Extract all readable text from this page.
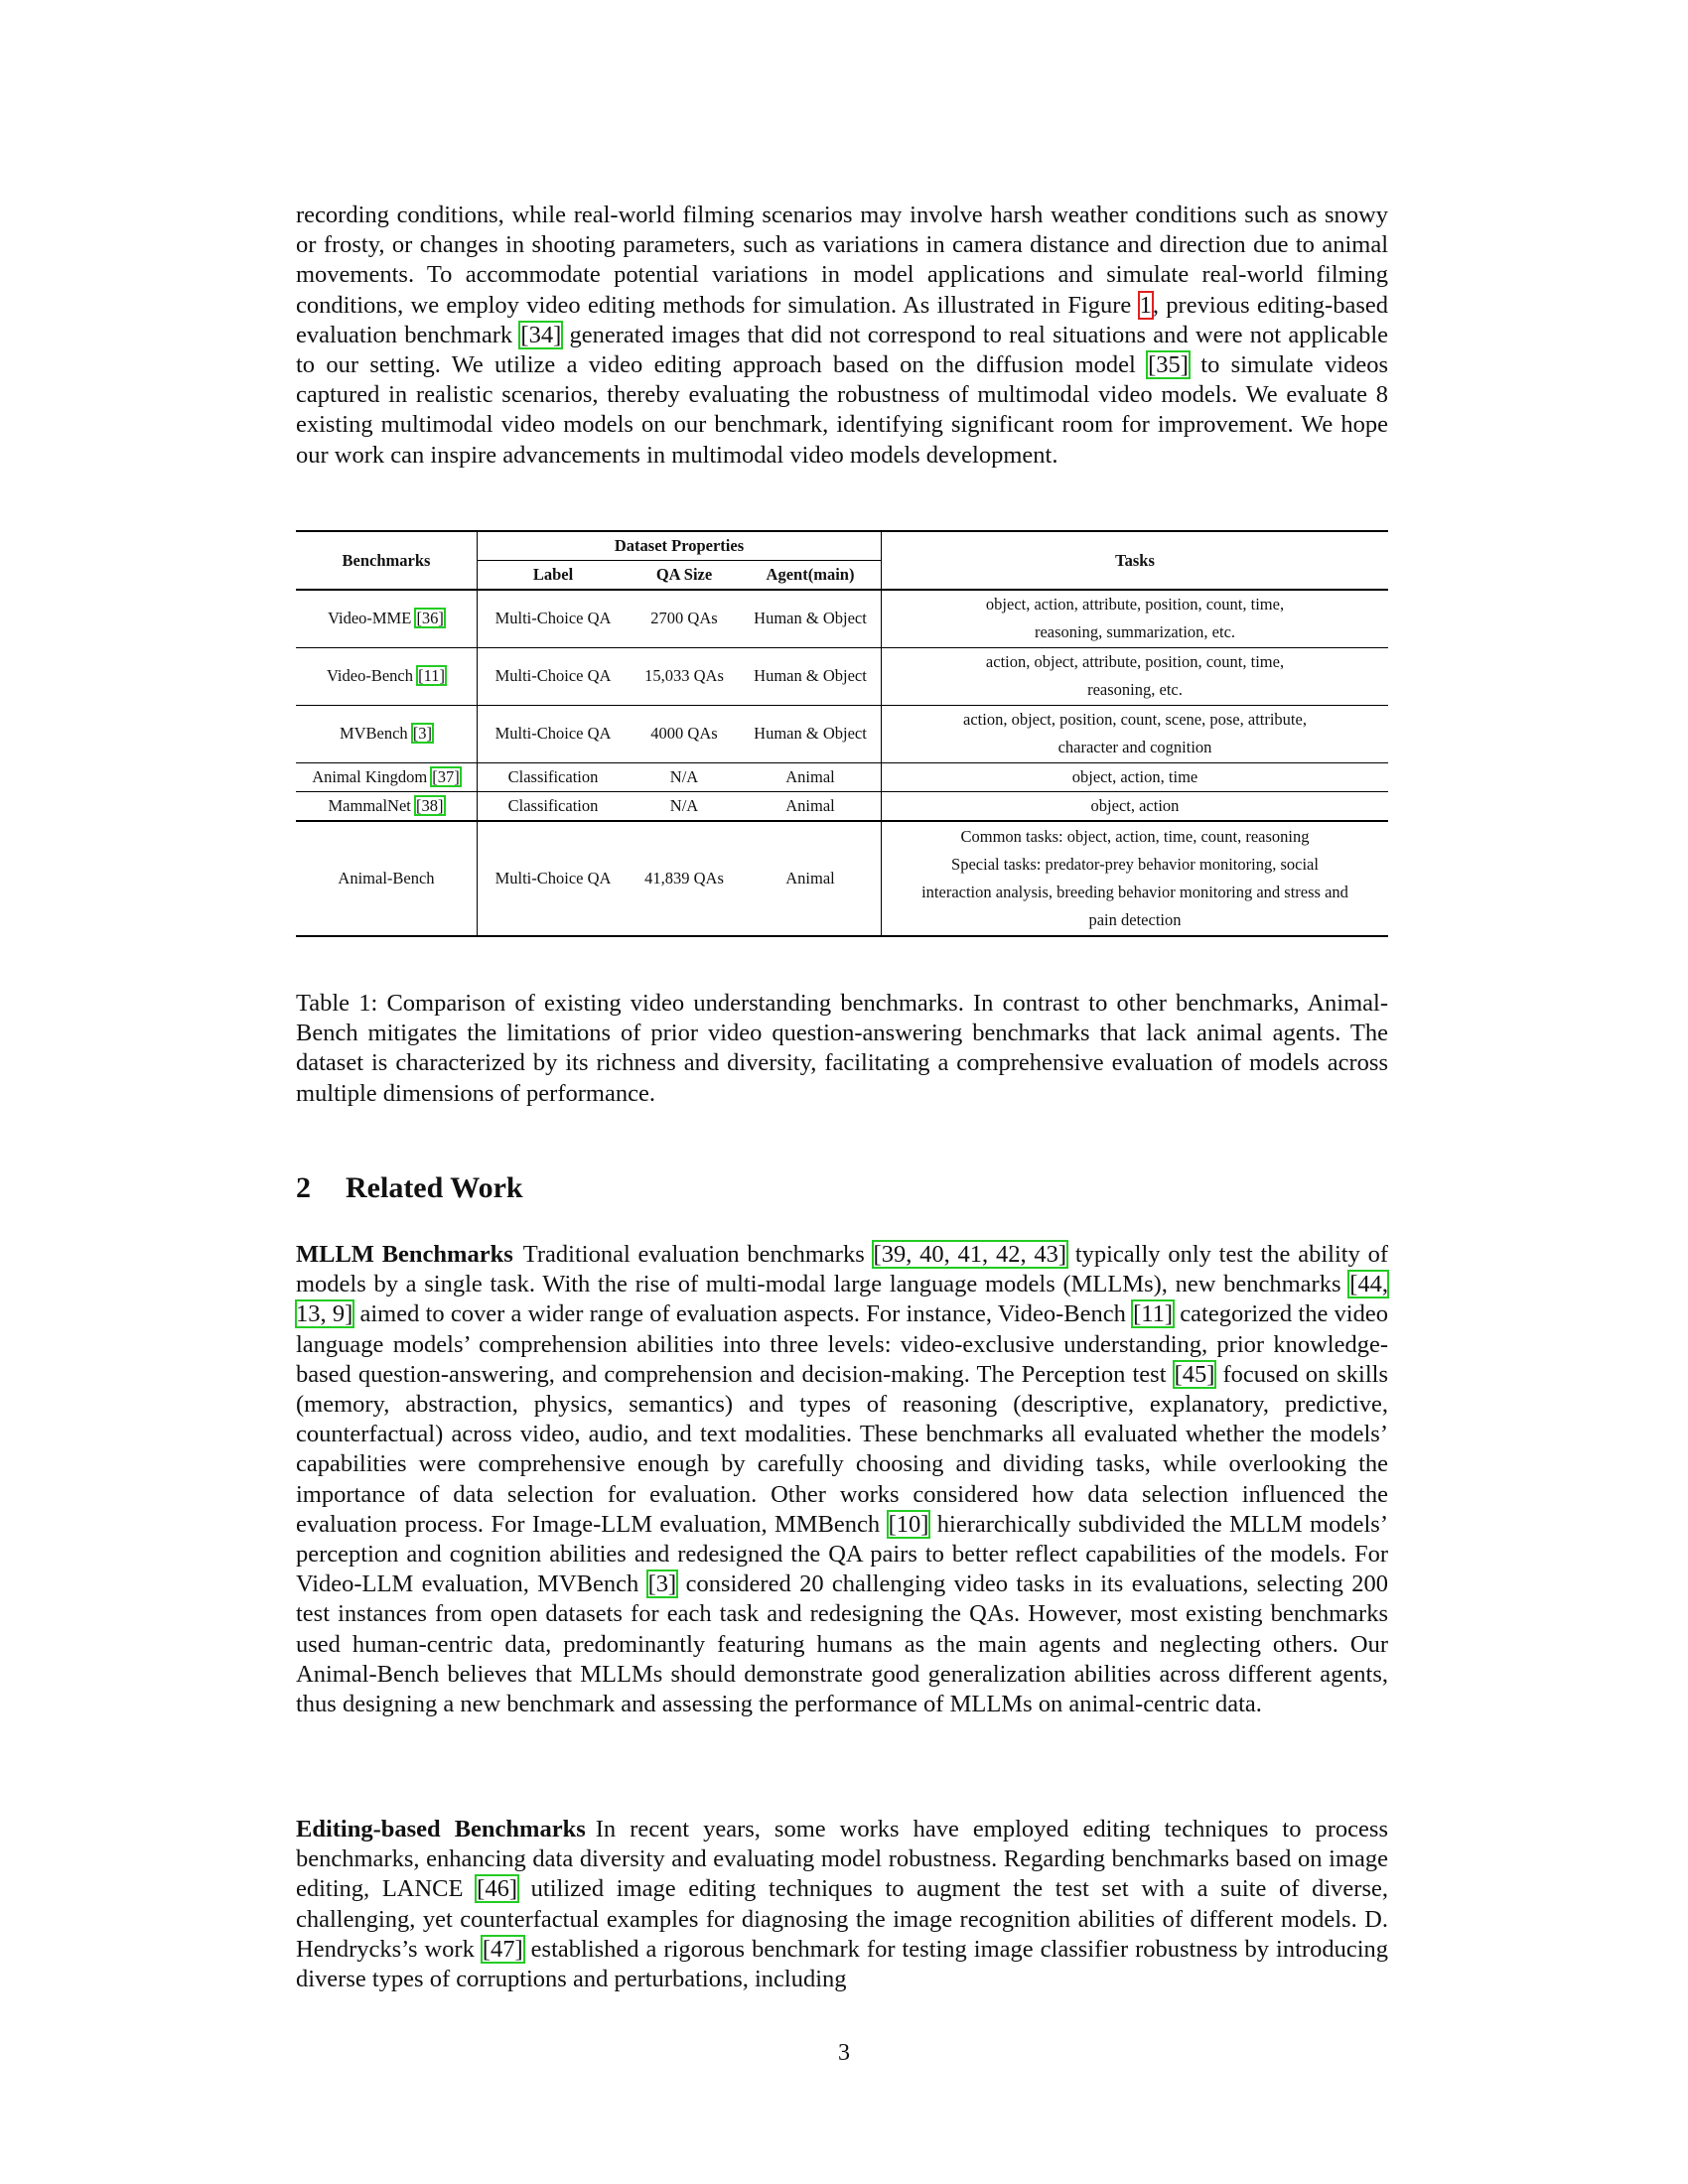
recording conditions, while real-world filming scenarios may involve harsh weather conditions such as snowy or frosty, or changes in shooting parameters, such as variations in camera distance and direction due to animal movements. To accommodate potential variations in model applications and simulate real-world filming conditions, we employ video editing methods for simulation. As illustrated in Figure 1, previous editing-based evaluation benchmark [34] generated images that did not correspond to real situations and were not applicable to our setting. We utilize a video editing approach based on the diffusion model [35] to simulate videos captured in realistic scenarios, thereby evaluating the robustness of multimodal video models. We evaluate 8 existing multimodal video models on our benchmark, identifying significant room for improvement. We hope our work can inspire advancements in multimodal video models development.

Benchmarks	Dataset Properties			Tasks
	Label	QA Size	Agent(main)	
Video-MME [36]	Multi-Choice QA	2700 QAs	Human & Object	object, action, attribute, position, count, time,
reasoning, summarization, etc.

Video-Bench [11]	Multi-Choice QA	15,033 QAs	Human & Object	action, object, attribute, position, count, time,
reasoning, etc.

MVBench [3]	Multi-Choice QA	4000 QAs	Human & Object	action, object, position, count, scene, pose, attribute,
character and cognition

Animal Kingdom [37]	Classification	N/A	Animal	object, action, time

MammalNet [38]	Classification	N/A	Animal	object, action

Animal-Bench	Multi-Choice QA	41,839 QAs	Animal	Common tasks: object, action, time, count, reasoning
Special tasks: predator-prey behavior monitoring, social
interaction analysis, breeding behavior monitoring and stress and
pain detection

Table 1: Comparison of existing video understanding benchmarks. In contrast to other benchmarks, Animal-Bench mitigates the limitations of prior video question-answering benchmarks that lack animal agents. The dataset is characterized by its richness and diversity, facilitating a comprehensive evaluation of models across multiple dimensions of performance.

2 Related Work

MLLM Benchmarks Traditional evaluation benchmarks [39, 40, 41, 42, 43] typically only test the ability of models by a single task. With the rise of multi-modal large language models (MLLMs), new benchmarks [44, 13, 9] aimed to cover a wider range of evaluation aspects. For instance, Video-Bench [11] categorized the video language models’ comprehension abilities into three levels: video-exclusive understanding, prior knowledge-based question-answering, and comprehension and decision-making. The Perception test [45] focused on skills (memory, abstraction, physics, semantics) and types of reasoning (descriptive, explanatory, predictive, counterfactual) across video, audio, and text modalities. These benchmarks all evaluated whether the models’ capabilities were comprehensive enough by carefully choosing and dividing tasks, while overlooking the importance of data selection for evaluation. Other works considered how data selection influenced the evaluation process. For Image-LLM evaluation, MMBench [10] hierarchically subdivided the MLLM models’ perception and cognition abilities and redesigned the QA pairs to better reflect capabilities of the models. For Video-LLM evaluation, MVBench [3] considered 20 challenging video tasks in its evaluations, selecting 200 test instances from open datasets for each task and redesigning the QAs. However, most existing benchmarks used human-centric data, predominantly featuring humans as the main agents and neglecting others. Our Animal-Bench believes that MLLMs should demonstrate good generalization abilities across different agents, thus designing a new benchmark and assessing the performance of MLLMs on animal-centric data.

Editing-based Benchmarks In recent years, some works have employed editing techniques to process benchmarks, enhancing data diversity and evaluating model robustness. Regarding benchmarks based on image editing, LANCE [46] utilized image editing techniques to augment the test set with a suite of diverse, challenging, yet counterfactual examples for diagnosing the image recognition abilities of different models. D. Hendrycks’s work [47] established a rigorous benchmark for testing image classifier robustness by introducing diverse types of corruptions and perturbations, including

3
